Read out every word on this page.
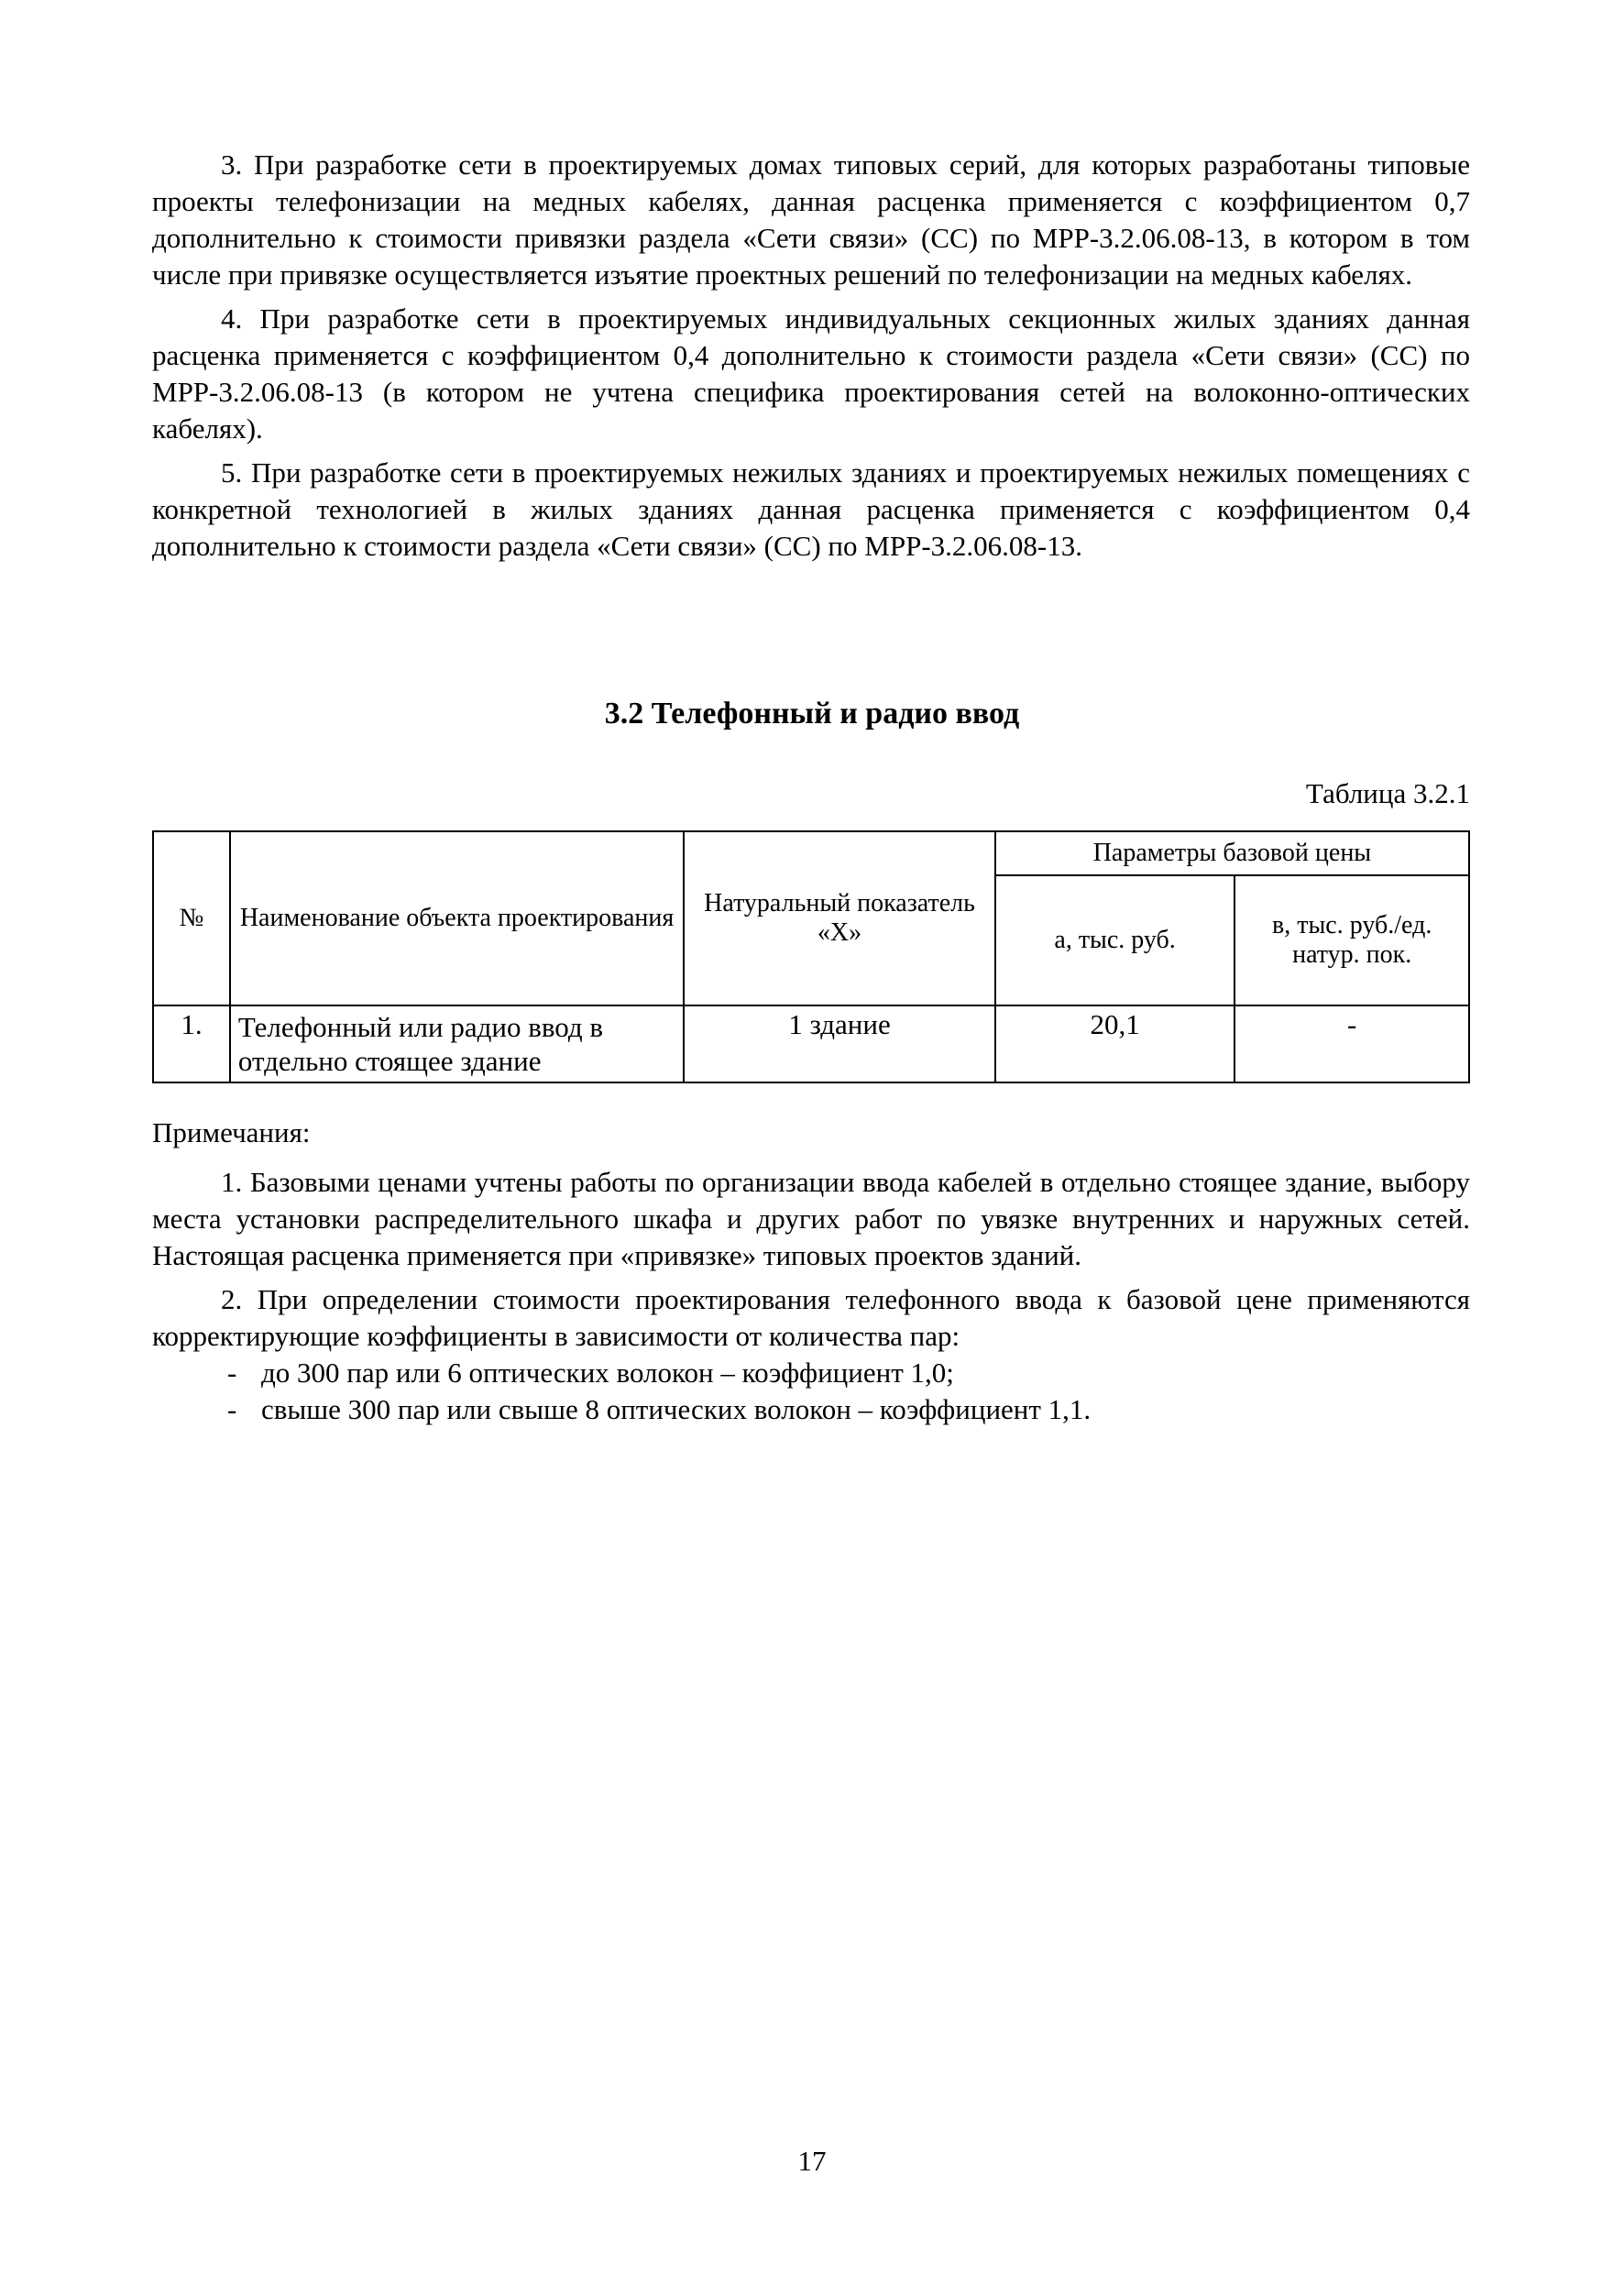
3. При разработке сети в проектируемых домах типовых серий, для которых разработаны типовые проекты телефонизации на медных кабелях, данная расценка применяется с коэффициентом 0,7 дополнительно к стоимости привязки раздела «Сети связи» (СС) по МРР-3.2.06.08-13, в котором в том числе при привязке осуществляется изъятие проектных решений по телефонизации на медных кабелях.

4. При разработке сети в проектируемых индивидуальных секционных жилых зданиях данная расценка применяется с коэффициентом 0,4 дополнительно к стоимости раздела «Сети связи» (СС) по МРР-3.2.06.08-13 (в котором не учтена специфика проектирования сетей на волоконно-оптических кабелях).

5. При разработке сети в проектируемых нежилых зданиях и проектируемых нежилых помещениях с конкретной технологией в жилых зданиях данная расценка применяется с коэффициентом 0,4 дополнительно к стоимости раздела «Сети связи» (СС) по МРР-3.2.06.08-13.

3.2 Телефонный и радио ввод
Таблица 3.2.1
№	Наименование объекта проектирования	Натуральный показатель «Х»	Параметры базовой цены	
			а, тыс. руб.	в, тыс. руб./ед. натур. пок.
1.	Телефонный или радио ввод в отдельно стоящее здание	1 здание	20,1	-
Примечания:

1. Базовыми ценами учтены работы по организации ввода кабелей в отдельно стоящее здание, выбору места установки распределительного шкафа и других работ по увязке внутренних и наружных сетей. Настоящая расценка применяется при «привязке» типовых проектов зданий.

2. При определении стоимости проектирования телефонного ввода к базовой цене применяются корректирующие коэффициенты в зависимости от количества пар:

- до 300 пар или 6 оптических волокон – коэффициент 1,0;

- свыше 300 пар или свыше 8 оптических волокон – коэффициент 1,1.

17
